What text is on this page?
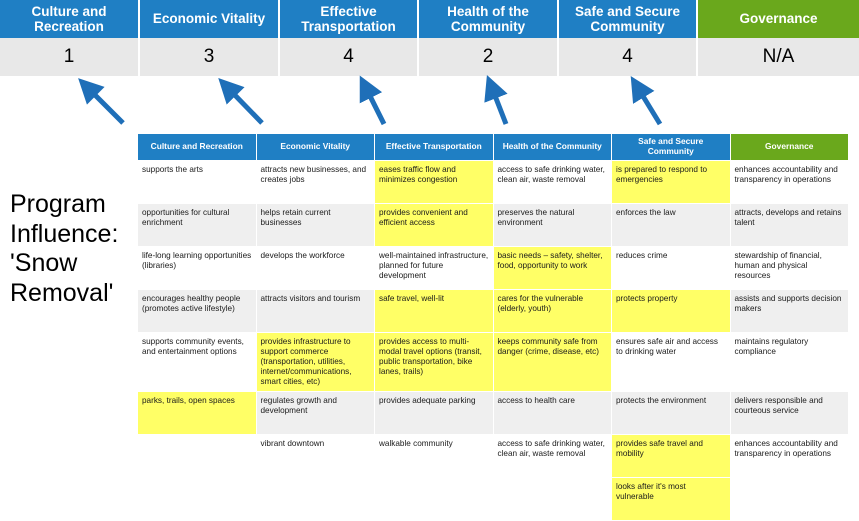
Culture and Recreation
Economic Vitality
Effective Transportation
Health of the Community
Safe and Secure Community
Governance
1	3	4	2	4	N/A
Program Influence: 'Snow Removal'
Culture and Recreation	Economic Vitality	Effective Transportation	Health of the Community	Safe and Secure Community	Governance
supports the arts	attracts new businesses, and creates jobs	eases traffic flow and minimizes congestion	access to safe drinking water, clean air, waste removal	is prepared to respond to emergencies	enhances accountability and transparency in operations
opportunities for cultural enrichment	helps retain current businesses	provides convenient and efficient access	preserves the natural environment	enforces the law	attracts, develops and retains talent
life-long learning opportunities (libraries)	develops the workforce	well-maintained infrastructure, planned for future development	basic needs – safety, shelter, food, opportunity to work	reduces crime	stewardship of financial, human and physical resources
encourages healthy people (promotes active lifestyle)	attracts visitors and tourism	safe travel, well-lit	cares for the vulnerable (elderly, youth)	protects property	assists and supports decision makers
supports community events, and entertainment options	provides infrastructure to support commerce (transportation, utilities, internet/communications, smart cities, etc)	provides access to multi-modal travel options (transit, public transportation, bike lanes, trails)	keeps community safe from danger (crime, disease, etc)	ensures safe air and access to drinking water	maintains regulatory compliance
parks, trails, open spaces	regulates growth and development	provides adequate parking	access to health care	protects the environment	delivers responsible and courteous service
	vibrant downtown	walkable community	access to safe drinking water, clean air, waste removal	provides safe travel and mobility	enhances accountability and transparency in operations
				looks after it's most vulnerable	
